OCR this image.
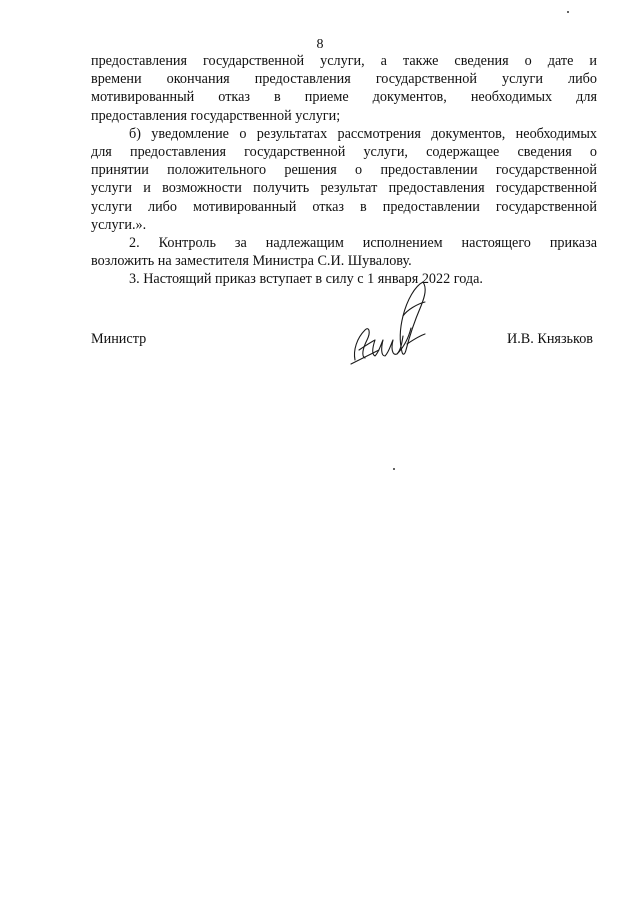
8

предоставления государственной услуги, а также сведения о дате и
времени окончания предоставления государственной услуги либо
мотивированный отказ в приеме документов, необходимых для
предоставления государственной услуги;

б) уведомление о результатах рассмотрения документов, необходимых
для предоставления государственной услуги, содержащее сведения о
принятии положительного решения о предоставлении государственной
услуги и возможности получить результат предоставления государственной
услуги либо мотивированный отказ в предоставлении государственной
услуги.».

2. Контроль за надлежащим исполнением настоящего приказа
возложить на заместителя Министра С.И. Шувалову.

3. Настоящий приказ вступает в силу с 1 января 2022 года.

Министр	И.В. Князьков
